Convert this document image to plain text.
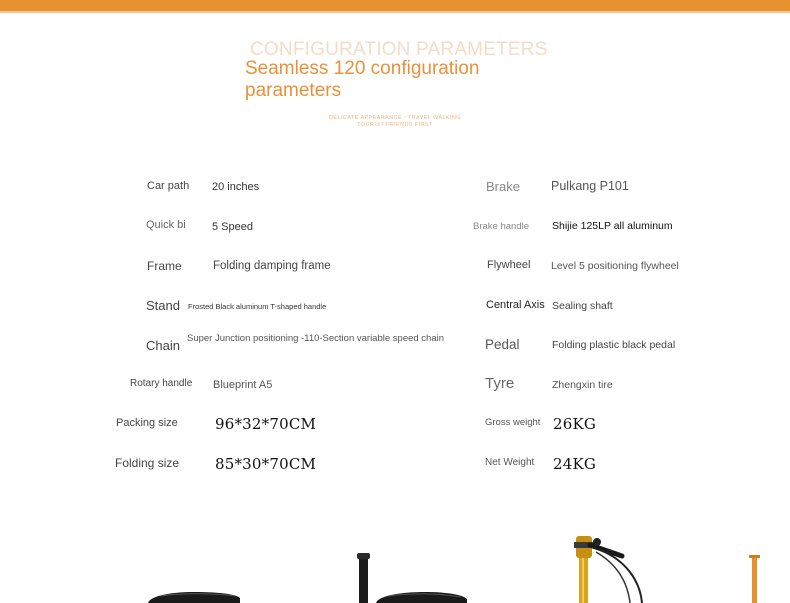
CONFIGURATION PARAMETERS
Seamless 120 configuration
parameters
DELICATE APPEARANCE · TRAVEL WALKING
TOURIST FRIENDS FIRST
Car path 20 inches
Quick bi 5 Speed
Frame	Folding damping frame
Stand Frosted Black aluminum T-shaped handle
Chain Super Junction positioning -110-Section variable speed chain
Rotary handle Blueprint A5
Packing size 96*32*70CM
Folding size 85*30*70CM
Brake Pulkang P101
Brake handle Shijie 125LP all aluminum
Flywheel Level 5 positioning flywheel
Central Axis Sealing shaft
Pedal	Folding plastic black pedal
Tyre	Zhengxin tire
Gross weight 26KG
Net Weight 24KG
